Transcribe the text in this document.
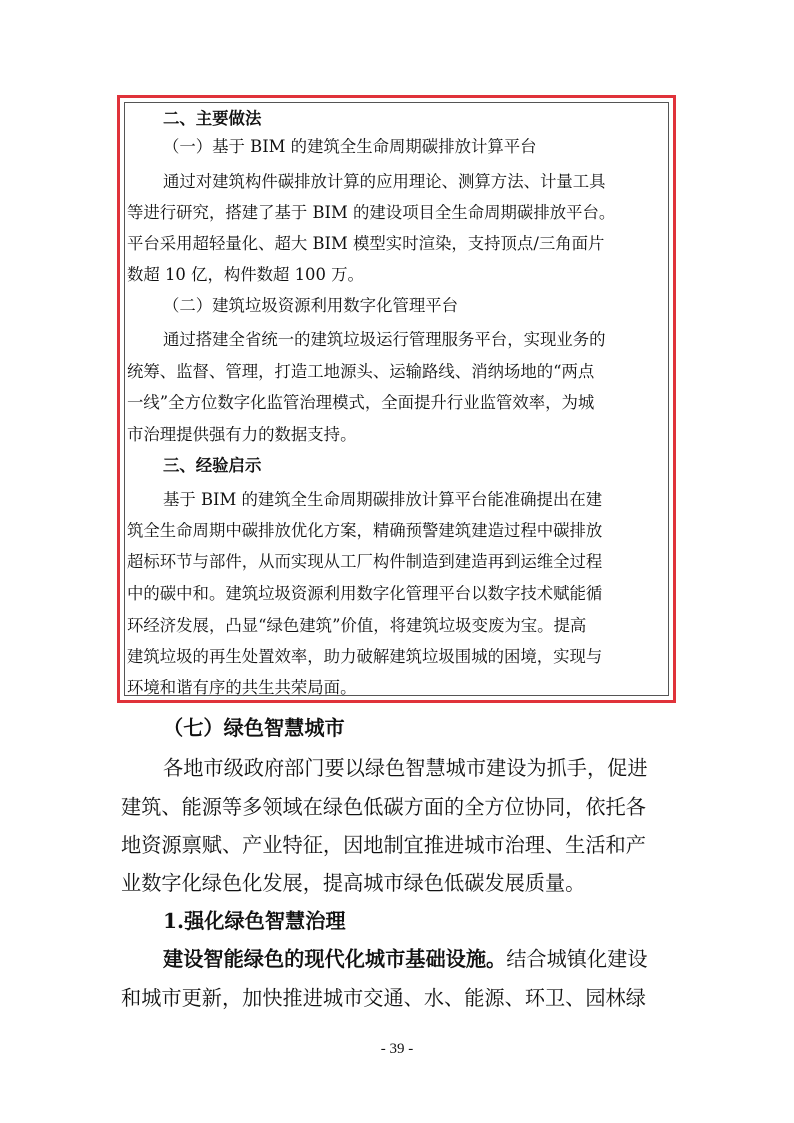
二、主要做法
（一）基于 BIM 的建筑全生命周期碳排放计算平台
通过对建筑构件碳排放计算的应用理论、测算方法、计量工具
等进行研究，搭建了基于 BIM 的建设项目全生命周期碳排放平台。
平台采用超轻量化、超大 BIM 模型实时渲染，支持顶点/三角面片
数超 10 亿，构件数超 100 万。
（二）建筑垃圾资源利用数字化管理平台
通过搭建全省统一的建筑垃圾运行管理服务平台，实现业务的
统筹、监督、管理，打造工地源头、运输路线、消纳场地的“两点
一线”全方位数字化监管治理模式，全面提升行业监管效率，为城
市治理提供强有力的数据支持。
三、经验启示
基于 BIM 的建筑全生命周期碳排放计算平台能准确提出在建
筑全生命周期中碳排放优化方案，精确预警建筑建造过程中碳排放
超标环节与部件，从而实现从工厂构件制造到建造再到运维全过程
中的碳中和。建筑垃圾资源利用数字化管理平台以数字技术赋能循
环经济发展，凸显“绿色建筑”价值，将建筑垃圾变废为宝。提高
建筑垃圾的再生处置效率，助力破解建筑垃圾围城的困境，实现与
环境和谐有序的共生共荣局面。
（七）绿色智慧城市
各地市级政府部门要以绿色智慧城市建设为抓手，促进
建筑、能源等多领域在绿色低碳方面的全方位协同，依托各
地资源禀赋、产业特征，因地制宜推进城市治理、生活和产
业数字化绿色化发展，提高城市绿色低碳发展质量。
1.强化绿色智慧治理
建设智能绿色的现代化城市基础设施。结合城镇化建设
和城市更新，加快推进城市交通、水、能源、环卫、园林绿
- 39 -
